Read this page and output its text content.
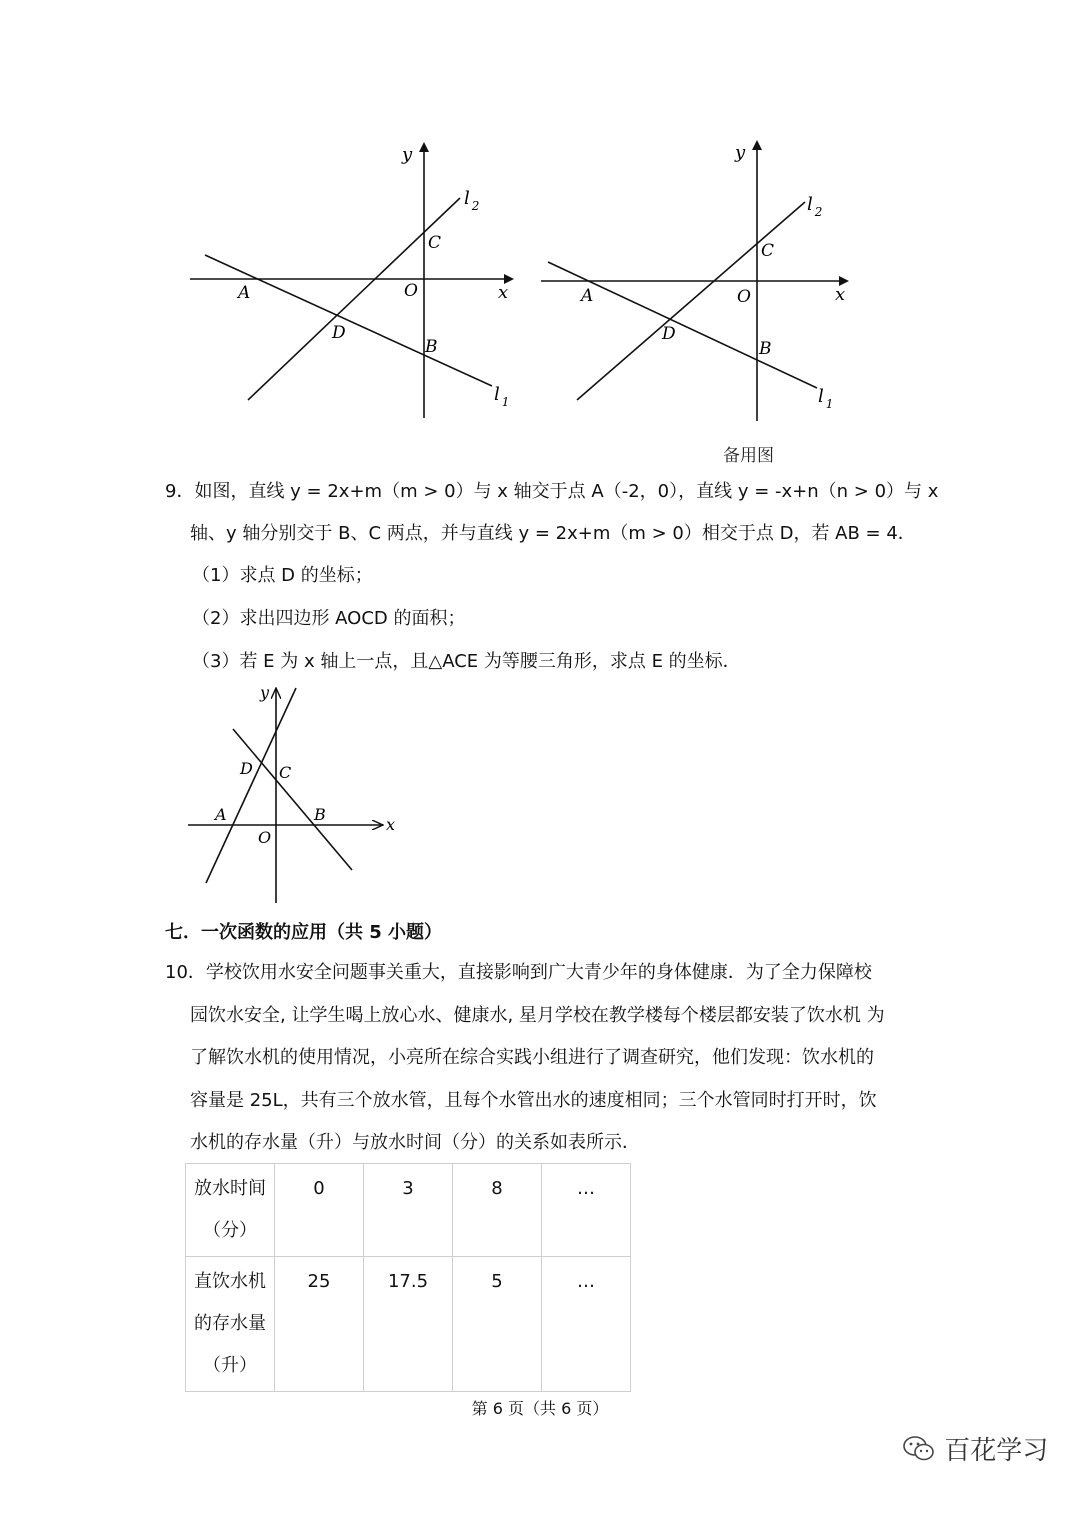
y
x
A	O
C
D
B
l $_2$
l $_1$
y
x
A	O
C
D
B
l $_2$
l $_1$
备用图
9．如图，直线 y = 2x+m（m > 0）与 x 轴交于点 A（-2，0），直线 y = -x+n（n > 0）与 x
轴、y 轴分别交于 B、C 两点，并与直线 y = 2x+m（m > 0）相交于点 D，若 AB = 4．
（1）求点 D 的坐标；
（2）求出四边形 AOCD 的面积；
（3）若 E 为 x 轴上一点，且△ACE 为等腰三角形，求点 E 的坐标．
y
x
D C
A	B
O
七．一次函数的应用（共 5 小题）
10．学校饮用水安全问题事关重大，直接影响到广大青少年的身体健康．为了全力保障校
园饮水安全, 让学生喝上放心水、健康水, 星月学校在教学楼每个楼层都安装了饮水机 为
了解饮水机的使用情况，小亮所在综合实践小组进行了调查研究，他们发现：饮水机的
容量是 25L，共有三个放水管，且每个水管出水的速度相同；三个水管同时打开时，饮
水机的存水量（升）与放水时间（分）的关系如表所示．
放水时间
（分）	0	3	8	…

直饮水机
的存水量
（升）	25	17.5	5	…
第 6 页（共 6 页）
百花学习
